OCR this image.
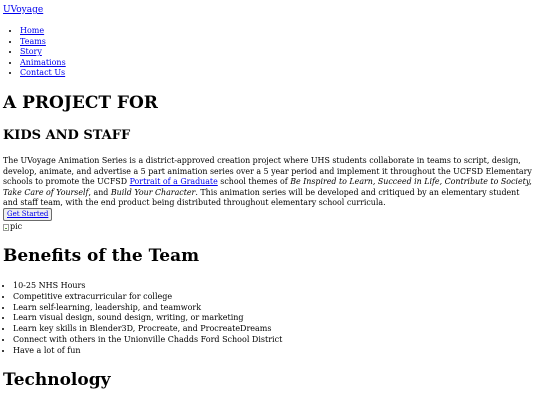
UVoyage
• Home
• Teams
• Story
• Animations
• Contact Us
A PROJECT FOR
KIDS AND STAFF

The UVoyage Animation Series is a district-approved creation project where UHS students collaborate in teams to script, design, develop, animate, and advertise a 5 part animation series over a 5 year period and implement it throughout the UCFSD Elementary schools to promote the UCFSD Portrait of a Graduate school themes of Be Inspired to Learn, Succeed in Life, Contribute to Society, Take Care of Yourself, and Build Your Character. This animation series will be developed and critiqued by an elementary student and staff team, with the end product being distributed throughout elementary school curricula.

Get Started
pic
Benefits of the Team
• 10-25 NHS Hours
• Competitive extracurricular for college
• Learn self-learning, leadership, and teamwork
• Learn visual design, sound design, writing, or marketing
• Learn key skills in Blender3D, Procreate, and ProcreateDreams
• Connect with others in the Unionville Chadds Ford School District
• Have a lot of fun
Technology
